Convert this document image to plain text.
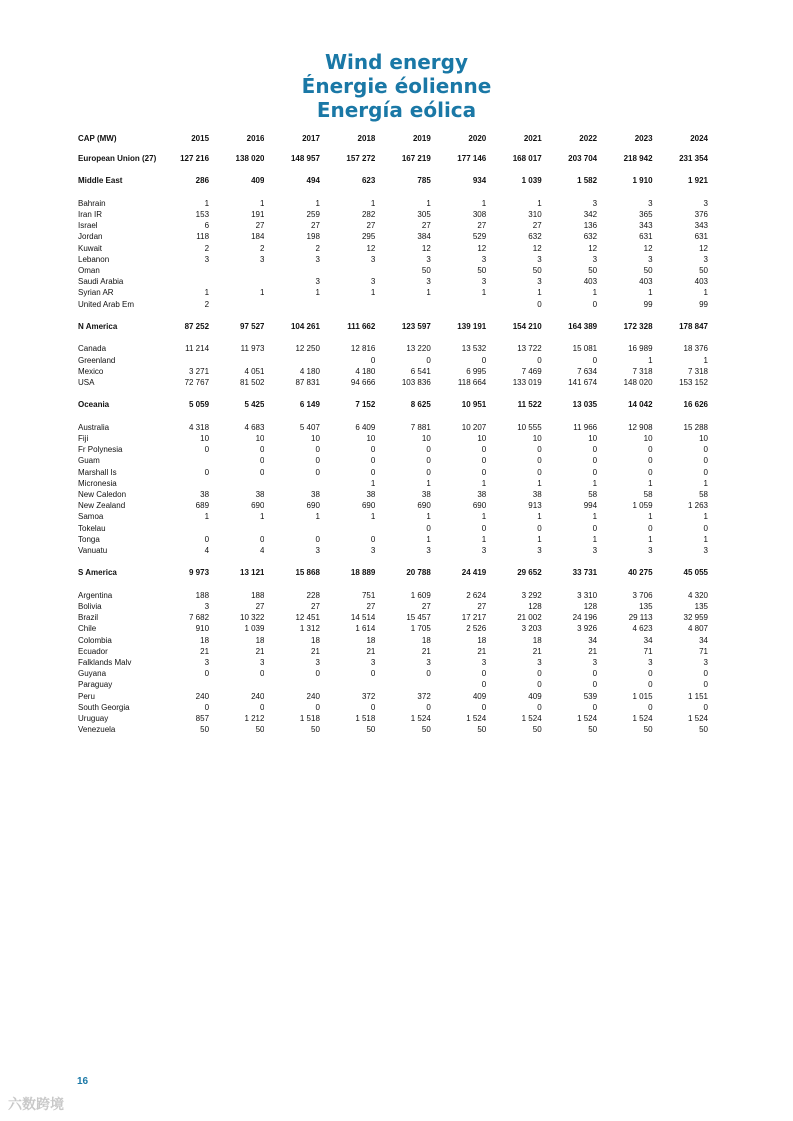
Wind energy
Énergie éolienne
Energía eólica
CAP (MW)	2015	2016	2017	2018	2019	2020	2021	2022	2023	2024

European Union (27)	127 216	138 020	148 957	157 272	167 219	177 146	168 017	203 704	218 942	231 354

Middle East	286	409	494	623	785	934	1 039	1 582	1 910	1 921

Bahrain	1	1	1	1	1	1	1	3	3	3
Iran IR	153	191	259	282	305	308	310	342	365	376
Israel	6	27	27	27	27	27	27	136	343	343
Jordan	118	184	198	295	384	529	632	632	631	631
Kuwait	2	2	2	12	12	12	12	12	12	12
Lebanon	3	3	3	3	3	3	3	3	3	3
Oman					50	50	50	50	50	50
Saudi Arabia			3	3	3	3	3	403	403	403
Syrian AR	1	1	1	1	1	1	1	1	1	1
United Arab Em	2						0	0	99	99

N America	87 252	97 527	104 261	111 662	123 597	139 191	154 210	164 389	172 328	178 847

Canada	11 214	11 973	12 250	12 816	13 220	13 532	13 722	15 081	16 989	18 376
Greenland				0	0	0	0	0	1	1
Mexico	3 271	4 051	4 180	4 180	6 541	6 995	7 469	7 634	7 318	7 318
USA	72 767	81 502	87 831	94 666	103 836	118 664	133 019	141 674	148 020	153 152

Oceania	5 059	5 425	6 149	7 152	8 625	10 951	11 522	13 035	14 042	16 626

Australia	4 318	4 683	5 407	6 409	7 881	10 207	10 555	11 966	12 908	15 288
Fiji	10	10	10	10	10	10	10	10	10	10
Fr Polynesia	0	0	0	0	0	0	0	0	0	0
Guam		0	0	0	0	0	0	0	0	0
Marshall Is	0	0	0	0	0	0	0	0	0	0
Micronesia				1	1	1	1	1	1	1
New Caledon	38	38	38	38	38	38	38	58	58	58
New Zealand	689	690	690	690	690	690	913	994	1 059	1 263
Samoa	1	1	1	1	1	1	1	1	1	1
Tokelau					0	0	0	0	0	0
Tonga	0	0	0	0	1	1	1	1	1	1
Vanuatu	4	4	3	3	3	3	3	3	3	3

S America	9 973	13 121	15 868	18 889	20 788	24 419	29 652	33 731	40 275	45 055

Argentina	188	188	228	751	1 609	2 624	3 292	3 310	3 706	4 320
Bolivia	3	27	27	27	27	27	128	128	135	135
Brazil	7 682	10 322	12 451	14 514	15 457	17 217	21 002	24 196	29 113	32 959
Chile	910	1 039	1 312	1 614	1 705	2 526	3 203	3 926	4 623	4 807
Colombia	18	18	18	18	18	18	18	34	34	34
Ecuador	21	21	21	21	21	21	21	21	71	71
Falklands Malv	3	3	3	3	3	3	3	3	3	3
Guyana	0	0	0	0	0	0	0	0	0	0
Paraguay						0	0	0	0	0
Peru	240	240	240	372	372	409	409	539	1 015	1 151
South Georgia	0	0	0	0	0	0	0	0	0	0
Uruguay	857	1 212	1 518	1 518	1 524	1 524	1 524	1 524	1 524	1 524
Venezuela	50	50	50	50	50	50	50	50	50	50

16
六数跨境
